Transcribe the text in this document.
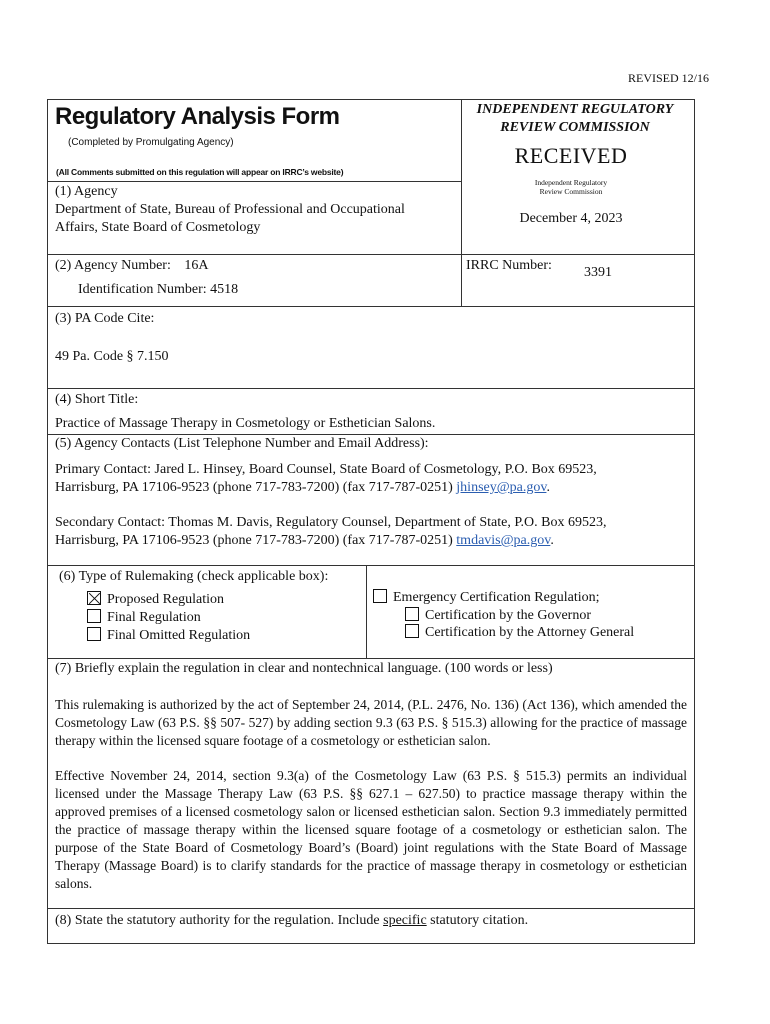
REVISED 12/16
Regulatory Analysis Form
(Completed by Promulgating Agency)
(All Comments submitted on this regulation will appear on IRRC’s website)
INDEPENDENT REGULATORY
REVIEW COMMISSION
RECEIVED
Independent Regulatory
Review Commission
December 4, 2023
(1) Agency
Department of State, Bureau of Professional and Occupational
Affairs, State Board of Cosmetology
(2) Agency Number: 16A
Identification Number: 4518
IRRC Number: 3391
(3) PA Code Cite:
49 Pa. Code § 7.150
(4) Short Title:
Practice of Massage Therapy in Cosmetology or Esthetician Salons.
(5) Agency Contacts (List Telephone Number and Email Address):
Primary Contact: Jared L. Hinsey, Board Counsel, State Board of Cosmetology, P.O. Box 69523,
Harrisburg, PA 17106-9523 (phone 717-783-7200) (fax 717-787-0251) jhinsey@pa.gov.
Secondary Contact: Thomas M. Davis, Regulatory Counsel, Department of State, P.O. Box 69523,
Harrisburg, PA 17106-9523 (phone 717-783-7200) (fax 717-787-0251) tmdavis@pa.gov.
(6) Type of Rulemaking (check applicable box):
Proposed Regulation
Final Regulation
Final Omitted Regulation
Emergency Certification Regulation;
Certification by the Governor
Certification by the Attorney General
(7) Briefly explain the regulation in clear and nontechnical language. (100 words or less)
This rulemaking is authorized by the act of September 24, 2014, (P.L. 2476, No. 136) (Act 136), which amended the Cosmetology Law (63 P.S. §§ 507- 527) by adding section 9.3 (63 P.S. § 515.3) allowing for the practice of massage therapy within the licensed square footage of a cosmetology or esthetician salon.
Effective November 24, 2014, section 9.3(a) of the Cosmetology Law (63 P.S. § 515.3) permits an individual licensed under the Massage Therapy Law (63 P.S. §§ 627.1 – 627.50) to practice massage therapy within the approved premises of a licensed cosmetology salon or licensed esthetician salon. Section 9.3 immediately permitted the practice of massage therapy within the licensed square footage of a cosmetology or esthetician salon. The purpose of the State Board of Cosmetology Board’s (Board) joint regulations with the State Board of Massage Therapy (Massage Board) is to clarify standards for the practice of massage therapy in cosmetology or esthetician salons.
(8) State the statutory authority for the regulation. Include specific statutory citation.
